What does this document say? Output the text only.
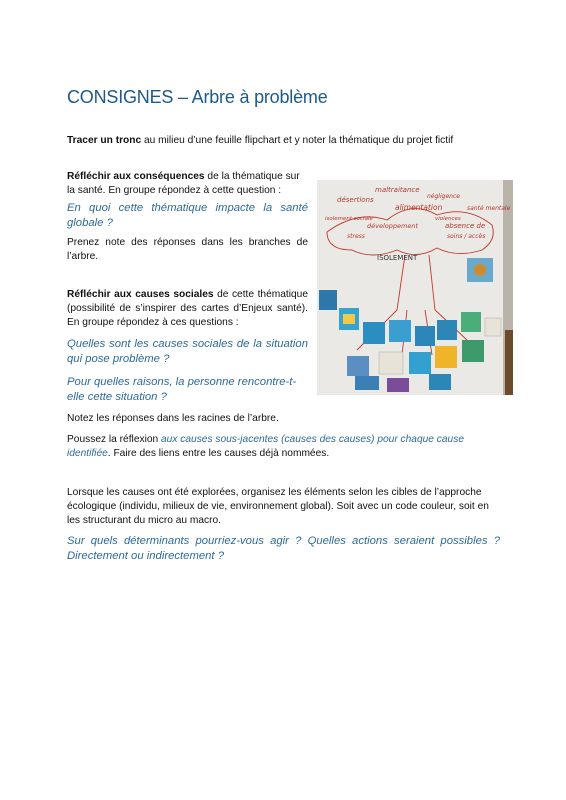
CONSIGNES – Arbre à problème
Tracer un tronc au milieu d’une feuille flipchart et y noter la thématique du projet fictif
Réfléchir aux conséquences de la thématique sur la santé. En groupe répondez à cette question :
En quoi cette thématique impacte la santé globale ?
Prenez note des réponses dans les branches de l’arbre.
Réfléchir aux causes sociales de cette thématique (possibilité de s’inspirer des cartes d’Enjeux santé). En groupe répondez à ces questions :
Quelles sont les causes sociales de la situation qui pose problème ?
Pour quelles raisons, la personne rencontre-t-elle cette situation ?
Notez les réponses dans les racines de l’arbre.
Poussez la réflexion aux causes sous-jacentes (causes des causes) pour chaque cause identifiée. Faire des liens entre les causes déjà nommées.
Lorsque les causes ont été explorées, organisez les éléments selon les cibles de l’approche écologique (individu, milieux de vie, environnement global). Soit avec un code couleur, soit en les structurant du micro au macro.
Sur quels déterminants pourriez-vous agir ? Quelles actions seraient possibles ? Directement ou indirectement ?
maltraitance
désertions
alimentation	santé mentale
isolement sociale
négligence
violences
stress
développement	absence de
soins / accès
ISOLEMENT
